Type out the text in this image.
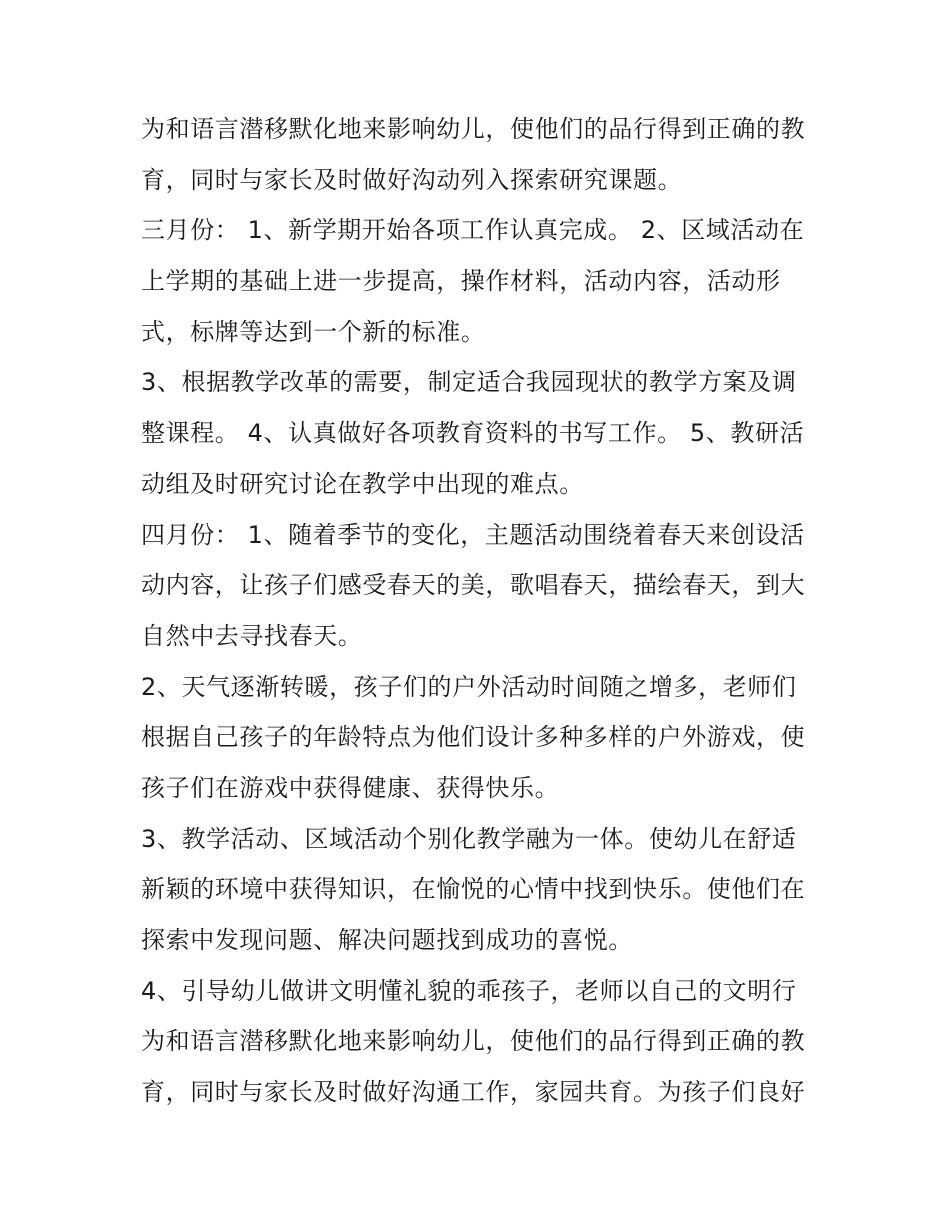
为和语言潜移默化地来影响幼儿，使他们的品行得到正确的教
育，同时与家长及时做好沟动列入探索研究课题。
三月份： 1、新学期开始各项工作认真完成。 2、区域活动在
上学期的基础上进一步提高，操作材料，活动内容，活动形
式，标牌等达到一个新的标准。
3、根据教学改革的需要，制定适合我园现状的教学方案及调
整课程。 4、认真做好各项教育资料的书写工作。 5、教研活
动组及时研究讨论在教学中出现的难点。
四月份： 1、随着季节的变化，主题活动围绕着春天来创设活
动内容，让孩子们感受春天的美，歌唱春天，描绘春天，到大
自然中去寻找春天。
2、天气逐渐转暖，孩子们的户外活动时间随之增多，老师们
根据自己孩子的年龄特点为他们设计多种多样的户外游戏，使
孩子们在游戏中获得健康、获得快乐。
3、教学活动、区域活动个别化教学融为一体。使幼儿在舒适
新颖的环境中获得知识，在愉悦的心情中找到快乐。使他们在
探索中发现问题、解决问题找到成功的喜悦。
4、引导幼儿做讲文明懂礼貌的乖孩子，老师以自己的文明行
为和语言潜移默化地来影响幼儿，使他们的品行得到正确的教
育，同时与家长及时做好沟通工作，家园共育。为孩子们良好
